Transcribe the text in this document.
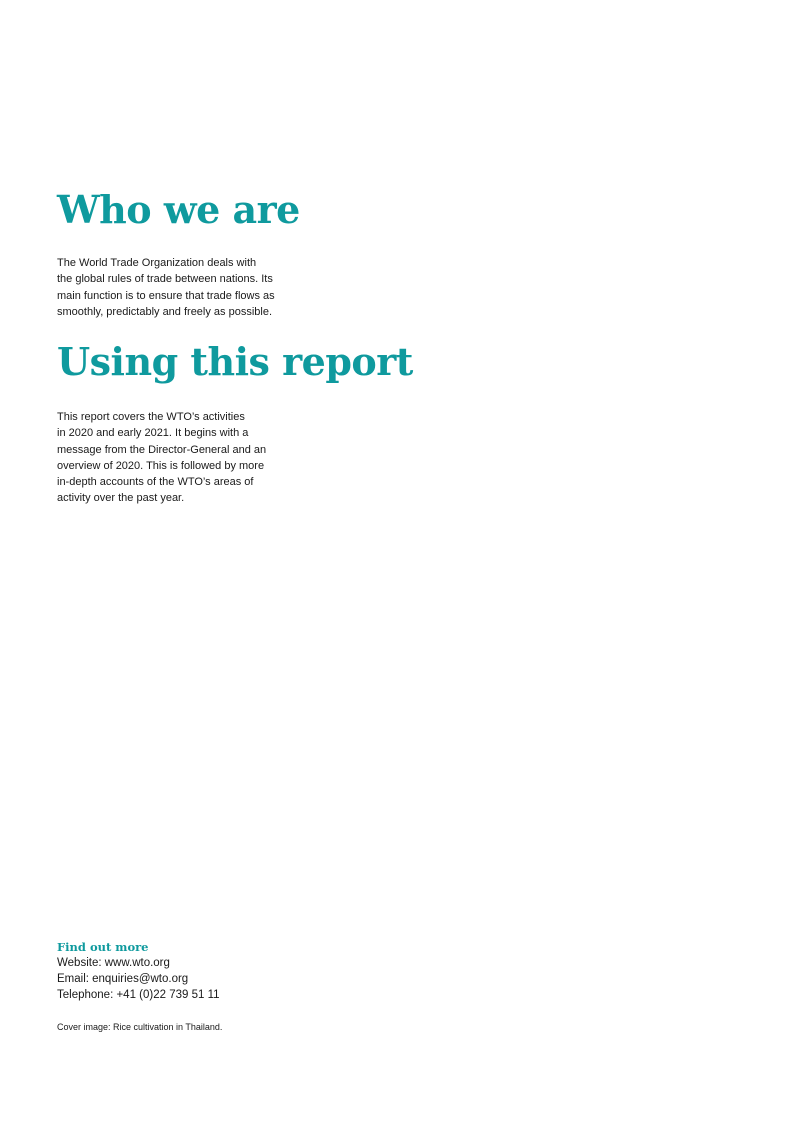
Who we are

The World Trade Organization deals with
the global rules of trade between nations. Its
main function is to ensure that trade flows as
smoothly, predictably and freely as possible.

Using this report

This report covers the WTO’s activities
in 2020 and early 2021. It begins with a
message from the Director-General and an
overview of 2020. This is followed by more
in-depth accounts of the WTO’s areas of
activity over the past year.

Find out more
Website: www.wto.org
Email: enquiries@wto.org
Telephone: +41 (0)22 739 51 11
Cover image: Rice cultivation in Thailand.
